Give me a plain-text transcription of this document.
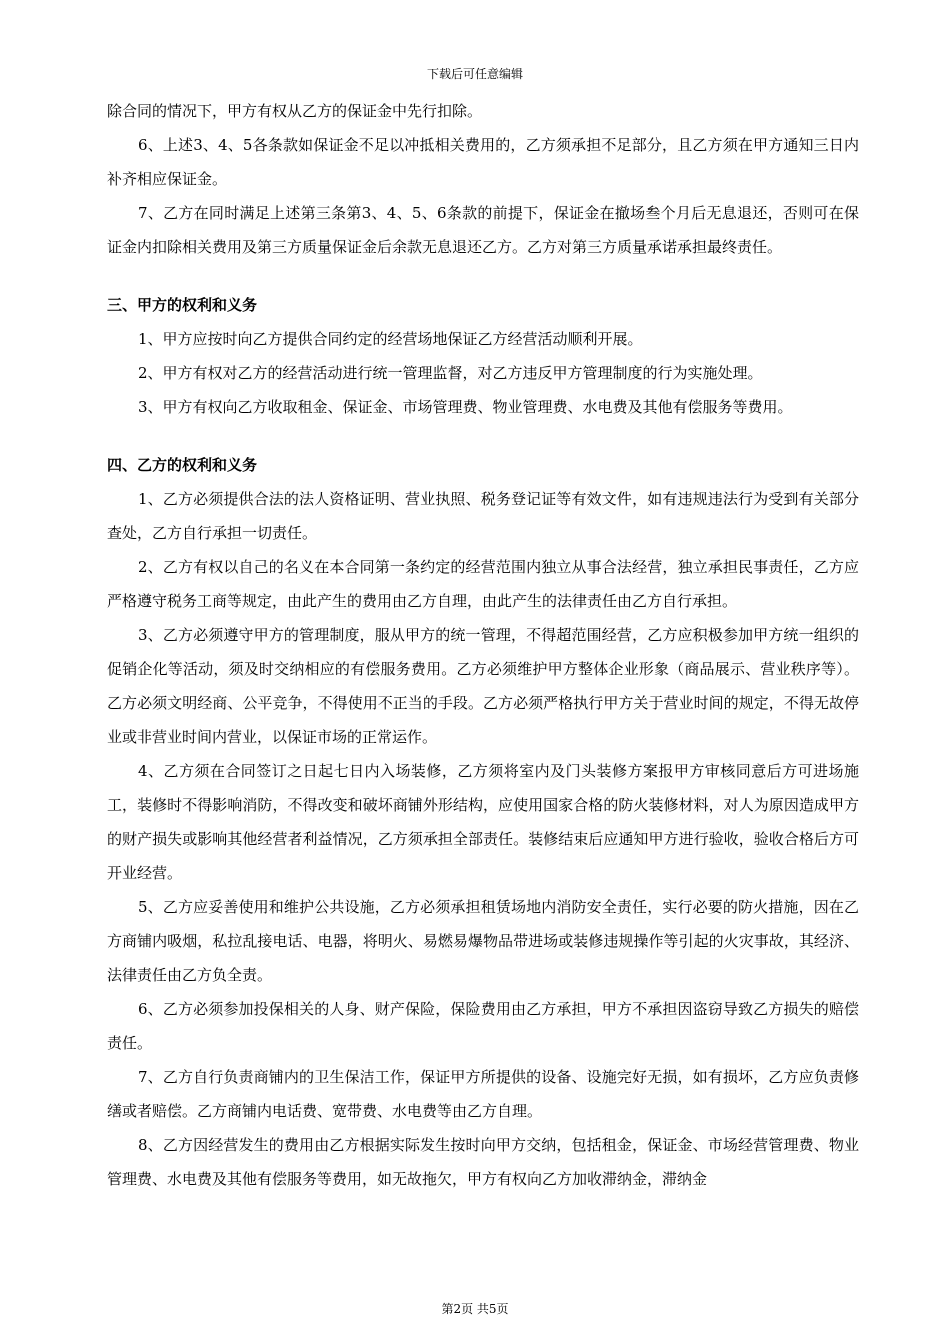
下载后可任意编辑

除合同的情况下，甲方有权从乙方的保证金中先行扣除。

6、上述3、4、5各条款如保证金不足以冲抵相关费用的，乙方须承担不足部分，且乙方须在甲方通知三日内补齐相应保证金。

7、乙方在同时满足上述第三条第3、4、5、6条款的前提下，保证金在撤场叁个月后无息退还，否则可在保证金内扣除相关费用及第三方质量保证金后余款无息退还乙方。乙方对第三方质量承诺承担最终责任。

三、甲方的权利和义务

1、甲方应按时向乙方提供合同约定的经营场地保证乙方经营活动顺利开展。

2、甲方有权对乙方的经营活动进行统一管理监督，对乙方违反甲方管理制度的行为实施处理。

3、甲方有权向乙方收取租金、保证金、市场管理费、物业管理费、水电费及其他有偿服务等费用。

四、乙方的权利和义务

1、乙方必须提供合法的法人资格证明、营业执照、税务登记证等有效文件，如有违规违法行为受到有关部分查处，乙方自行承担一切责任。

2、乙方有权以自己的名义在本合同第一条约定的经营范围内独立从事合法经营，独立承担民事责任，乙方应严格遵守税务工商等规定，由此产生的费用由乙方自理，由此产生的法律责任由乙方自行承担。

3、乙方必须遵守甲方的管理制度，服从甲方的统一管理，不得超范围经营，乙方应积极参加甲方统一组织的促销企化等活动，须及时交纳相应的有偿服务费用。乙方必须维护甲方整体企业形象（商品展示、营业秩序等）。乙方必须文明经商、公平竞争，不得使用不正当的手段。乙方必须严格执行甲方关于营业时间的规定，不得无故停业或非营业时间内营业，以保证市场的正常运作。

4、乙方须在合同签订之日起七日内入场装修，乙方须将室内及门头装修方案报甲方审核同意后方可进场施工，装修时不得影响消防，不得改变和破坏商铺外形结构，应使用国家合格的防火装修材料，对人为原因造成甲方的财产损失或影响其他经营者利益情况，乙方须承担全部责任。装修结束后应通知甲方进行验收，验收合格后方可开业经营。

5、乙方应妥善使用和维护公共设施，乙方必须承担租赁场地内消防安全责任，实行必要的防火措施，因在乙方商铺内吸烟，私拉乱接电话、电器，将明火、易燃易爆物品带进场或装修违规操作等引起的火灾事故，其经济、法律责任由乙方负全责。

6、乙方必须参加投保相关的人身、财产保险，保险费用由乙方承担，甲方不承担因盗窃导致乙方损失的赔偿责任。

7、乙方自行负责商铺内的卫生保洁工作，保证甲方所提供的设备、设施完好无损，如有损坏，乙方应负责修缮或者赔偿。乙方商铺内电话费、宽带费、水电费等由乙方自理。

8、乙方因经营发生的费用由乙方根据实际发生按时向甲方交纳，包括租金，保证金、市场经营管理费、物业管理费、水电费及其他有偿服务等费用，如无故拖欠，甲方有权向乙方加收滞纳金，滞纳金

第2页 共5页
